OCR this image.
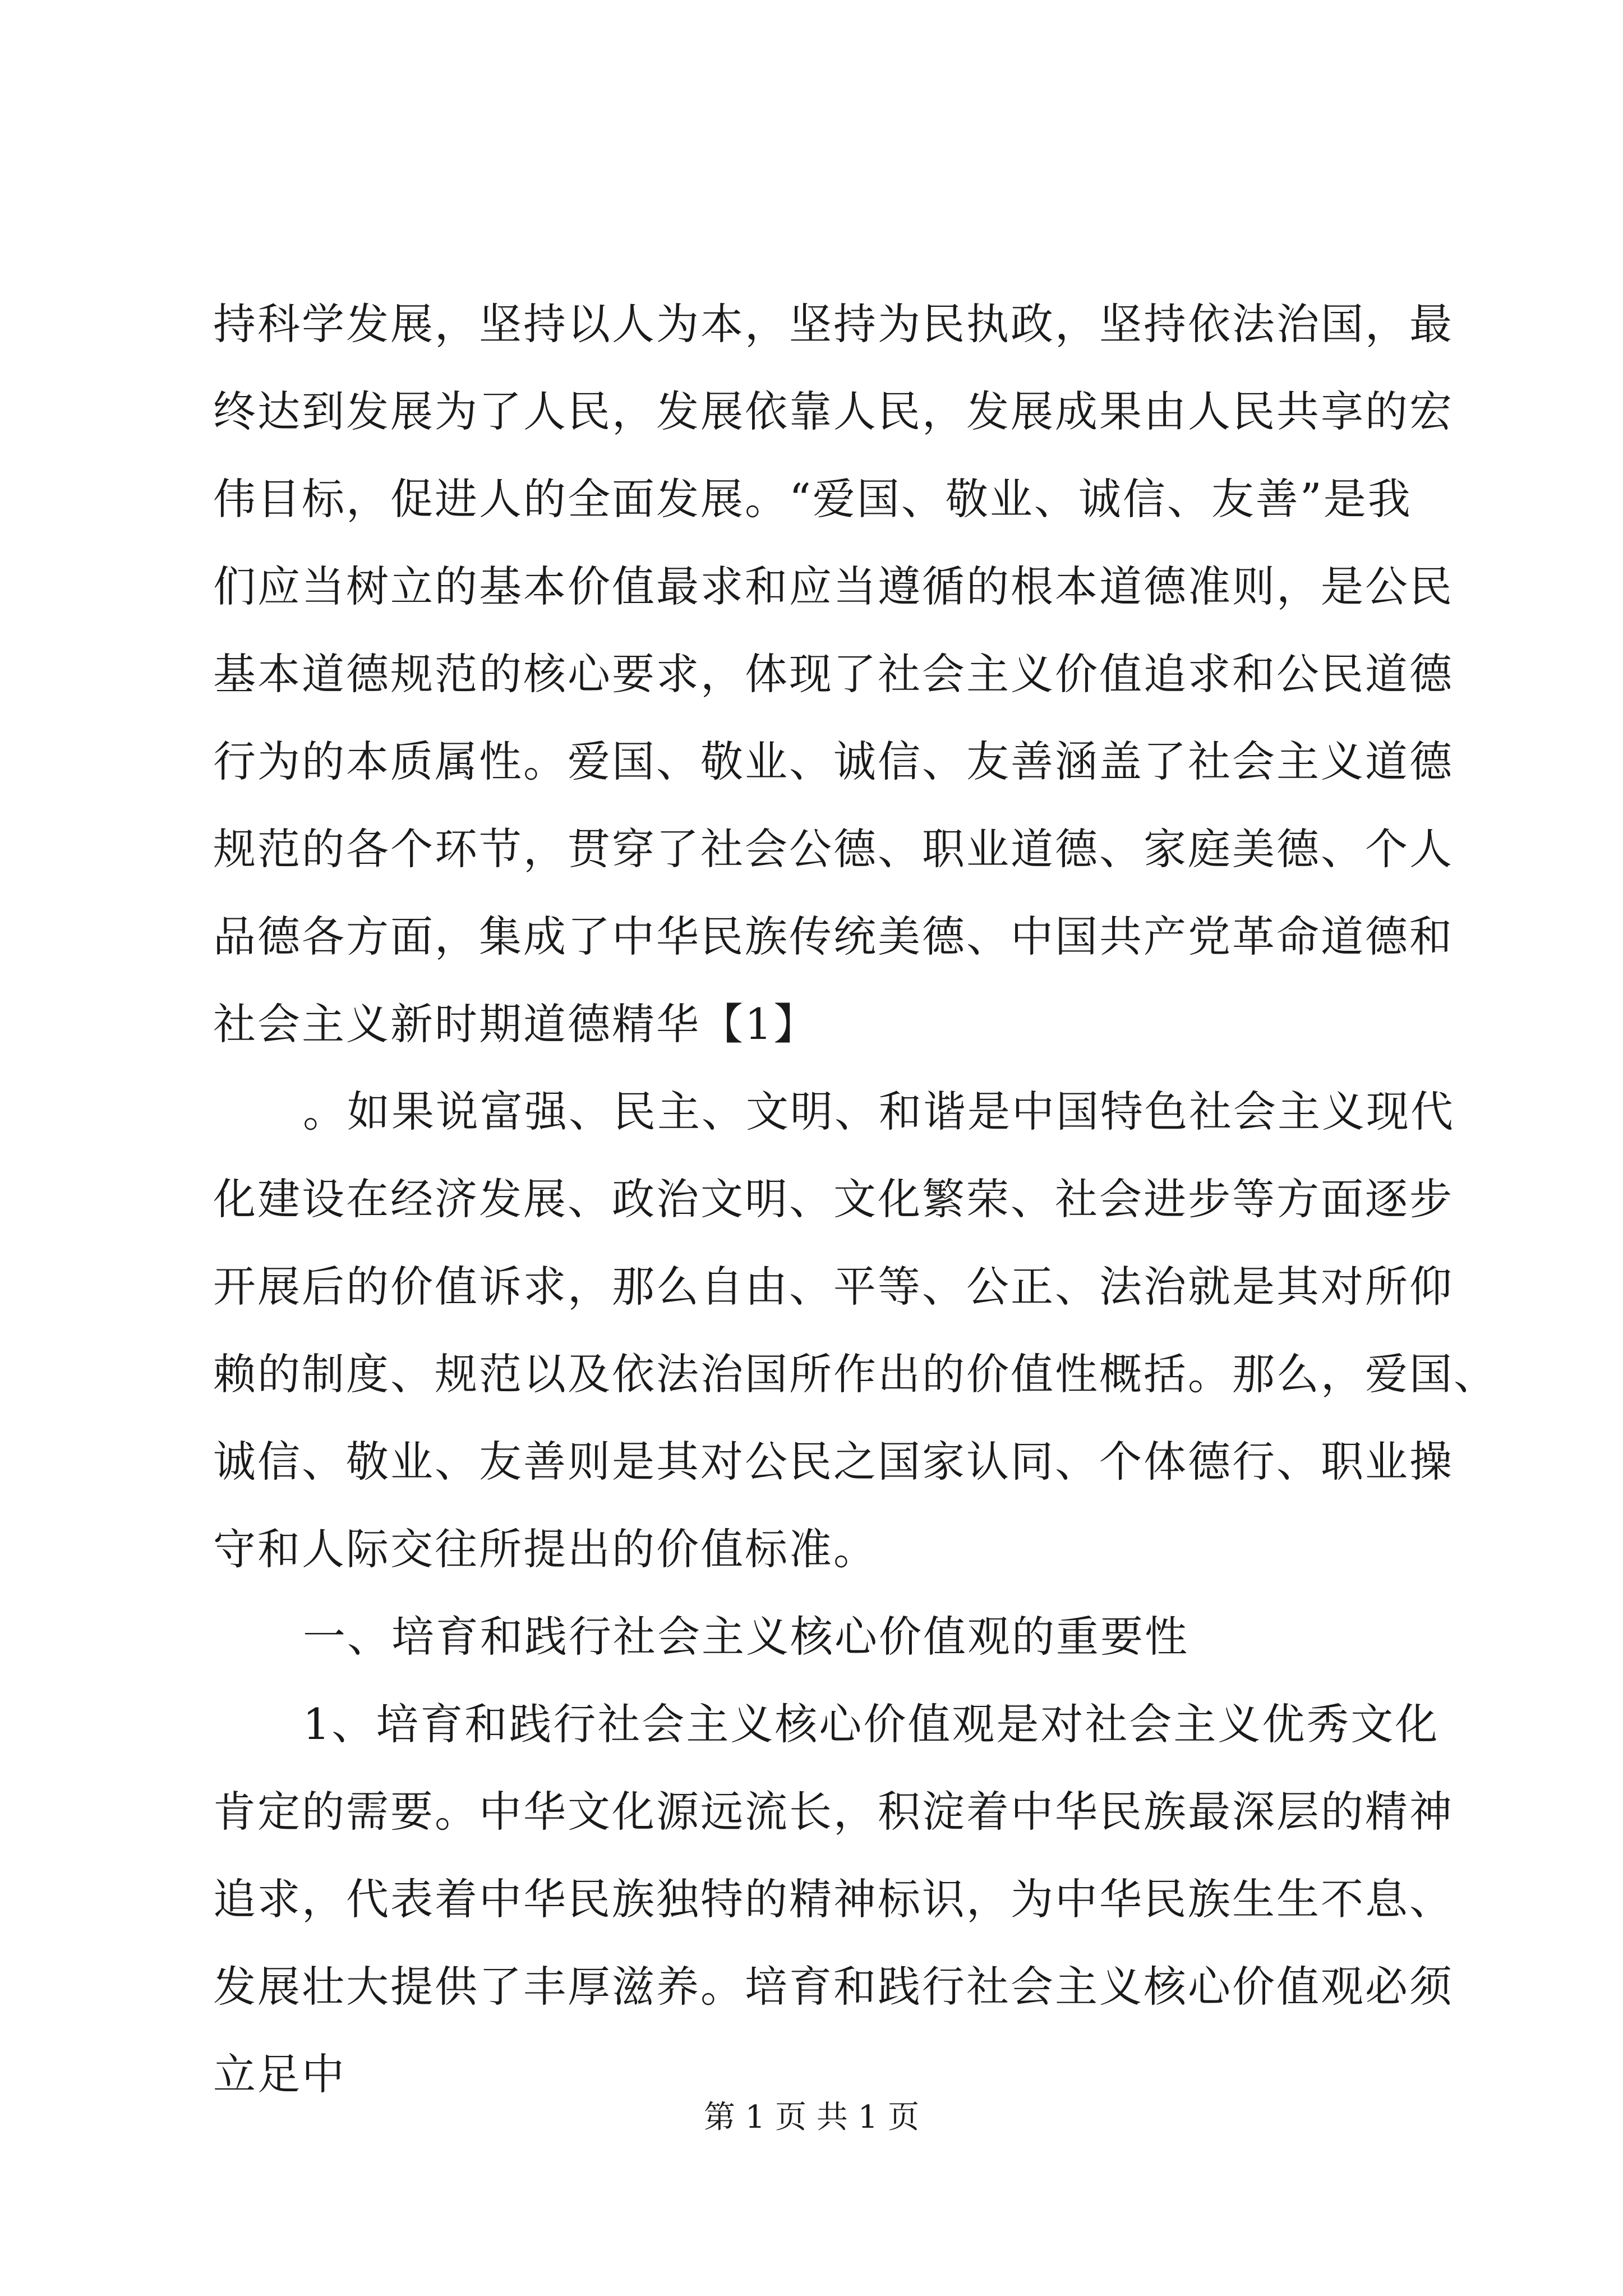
持科学发展，坚持以人为本，坚持为民执政，坚持依法治国，最
终达到发展为了人民，发展依靠人民，发展成果由人民共享的宏
伟目标，促进人的全面发展。“爱国、敬业、诚信、友善”是我
们应当树立的基本价值最求和应当遵循的根本道德准则，是公民
基本道德规范的核心要求，体现了社会主义价值追求和公民道德
行为的本质属性。爱国、敬业、诚信、友善涵盖了社会主义道德
规范的各个环节，贯穿了社会公德、职业道德、家庭美德、个人
品德各方面，集成了中华民族传统美德、中国共产党革命道德和
社会主义新时期道德精华【1】
。如果说富强、民主、文明、和谐是中国特色社会主义现代
化建设在经济发展、政治文明、文化繁荣、社会进步等方面逐步
开展后的价值诉求，那么自由、平等、公正、法治就是其对所仰
赖的制度、规范以及依法治国所作出的价值性概括。那么，爱国、
诚信、敬业、友善则是其对公民之国家认同、个体德行、职业操
守和人际交往所提出的价值标准。
一、培育和践行社会主义核心价值观的重要性
1、培育和践行社会主义核心价值观是对社会主义优秀文化
肯定的需要。中华文化源远流长，积淀着中华民族最深层的精神
追求，代表着中华民族独特的精神标识，为中华民族生生不息、
发展壮大提供了丰厚滋养。培育和践行社会主义核心价值观必须
立足中
第 1 页 共 1 页
